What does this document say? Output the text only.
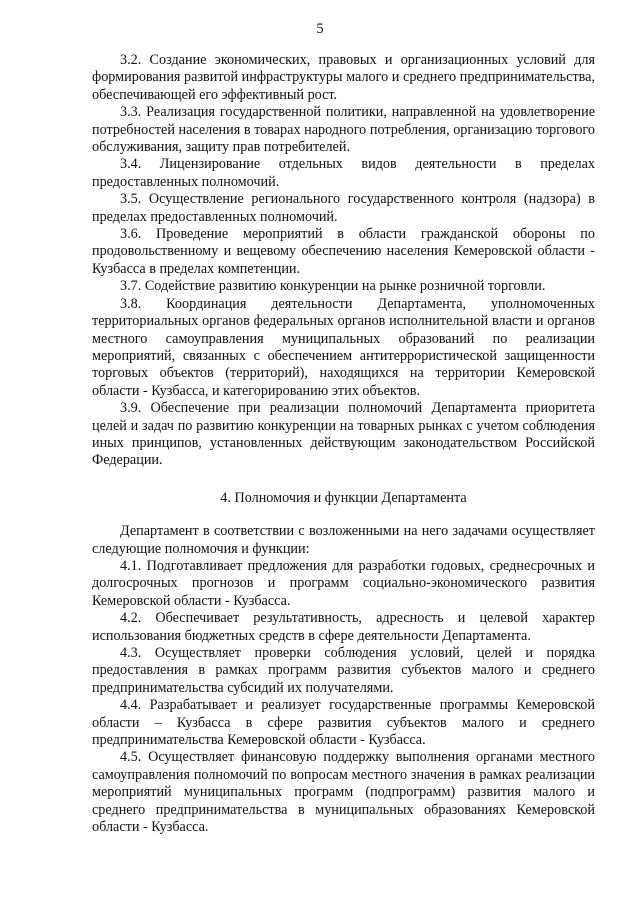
5

3.2. Создание экономических, правовых и организационных условий для формирования развитой инфраструктуры малого и среднего предпринимательства, обеспечивающей его эффективный рост.

3.3. Реализация государственной политики, направленной на удовлетворение потребностей населения в товарах народного потребления, организацию торгового обслуживания, защиту прав потребителей.

3.4. Лицензирование отдельных видов деятельности в пределах предоставленных полномочий.

3.5. Осуществление регионального государственного контроля (надзора) в пределах предоставленных полномочий.

3.6. Проведение мероприятий в области гражданской обороны по продовольственному и вещевому обеспечению населения Кемеровской области - Кузбасса в пределах компетенции.

3.7. Содействие развитию конкуренции на рынке розничной торговли.

3.8. Координация деятельности Департамента, уполномоченных территориальных органов федеральных органов исполнительной власти и органов местного самоуправления муниципальных образований по реализации мероприятий, связанных с обеспечением антитеррористической защищенности торговых объектов (территорий), находящихся на территории Кемеровской области - Кузбасса, и категорированию этих объектов.

3.9. Обеспечение при реализации полномочий Департамента приоритета целей и задач по развитию конкуренции на товарных рынках с учетом соблюдения иных принципов, установленных действующим законодательством Российской Федерации.

4. Полномочия и функции Департамента

Департамент в соответствии с возложенными на него задачами осуществляет следующие полномочия и функции:

4.1. Подготавливает предложения для разработки годовых, среднесрочных и долгосрочных прогнозов и программ социально-экономического развития Кемеровской области - Кузбасса.

4.2. Обеспечивает результативность, адресность и целевой характер использования бюджетных средств в сфере деятельности Департамента.

4.3. Осуществляет проверки соблюдения условий, целей и порядка предоставления в рамках программ развития субъектов малого и среднего предпринимательства субсидий их получателями.

4.4. Разрабатывает и реализует государственные программы Кемеровской области – Кузбасса в сфере развития субъектов малого и среднего предпринимательства Кемеровской области - Кузбасса.

4.5. Осуществляет финансовую поддержку выполнения органами местного самоуправления полномочий по вопросам местного значения в рамках реализации мероприятий муниципальных программ (подпрограмм) развития малого и среднего предпринимательства в муниципальных образованиях Кемеровской области - Кузбасса.
